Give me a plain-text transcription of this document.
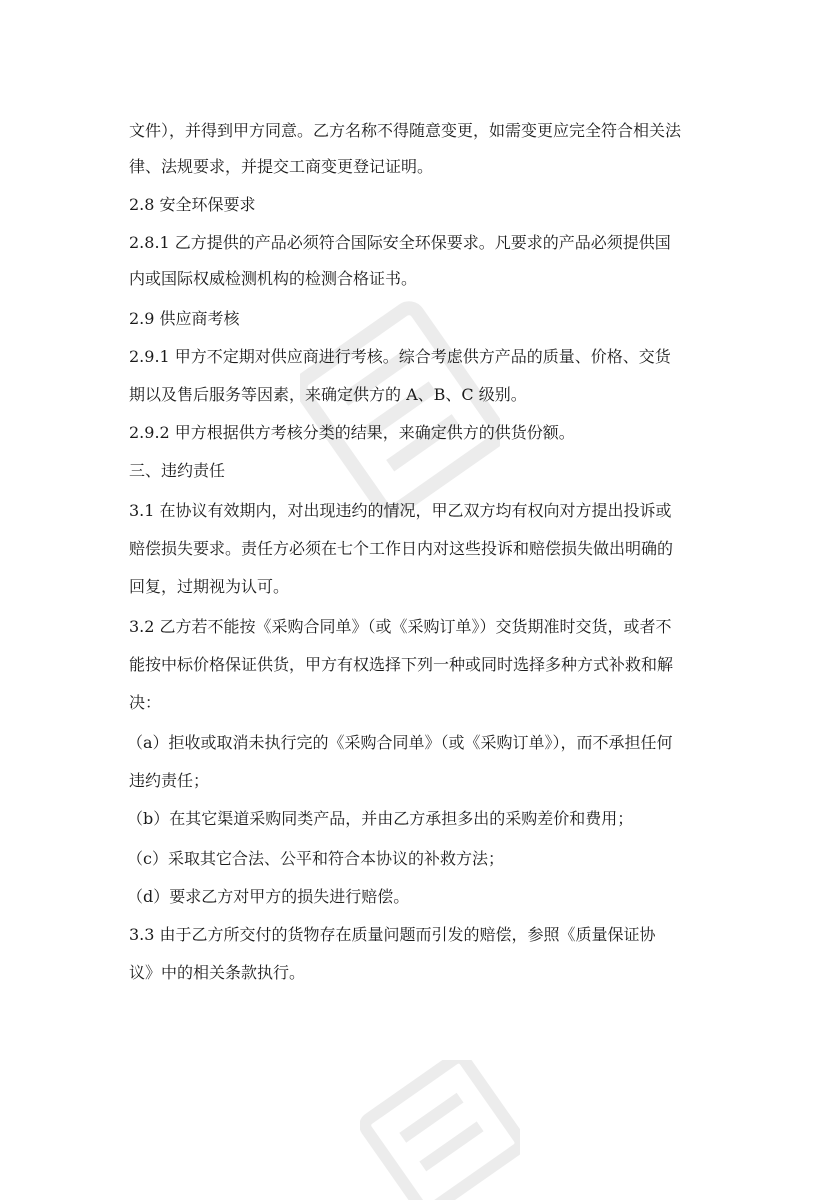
文件），并得到甲方同意。乙方名称不得随意变更，如需变更应完全符合相关法

律、法规要求，并提交工商变更登记证明。

2.8 安全环保要求

2.8.1 乙方提供的产品必须符合国际安全环保要求。凡要求的产品必须提供国

内或国际权威检测机构的检测合格证书。

2.9 供应商考核

2.9.1 甲方不定期对供应商进行考核。综合考虑供方产品的质量、价格、交货

期以及售后服务等因素，来确定供方的 A、B、C 级别。

2.9.2 甲方根据供方考核分类的结果，来确定供方的供货份额。

三、违约责任

3.1 在协议有效期内，对出现违约的情况，甲乙双方均有权向对方提出投诉或

赔偿损失要求。责任方必须在七个工作日内对这些投诉和赔偿损失做出明确的

回复，过期视为认可。

3.2 乙方若不能按《采购合同单》（或《采购订单》）交货期准时交货，或者不

能按中标价格保证供货，甲方有权选择下列一种或同时选择多种方式补救和解

决：

（a）拒收或取消未执行完的《采购合同单》（或《采购订单》），而不承担任何

违约责任；

（b）在其它渠道采购同类产品，并由乙方承担多出的采购差价和费用；

（c）采取其它合法、公平和符合本协议的补救方法；

（d）要求乙方对甲方的损失进行赔偿。

3.3 由于乙方所交付的货物存在质量问题而引发的赔偿，参照《质量保证协

议》中的相关条款执行。
